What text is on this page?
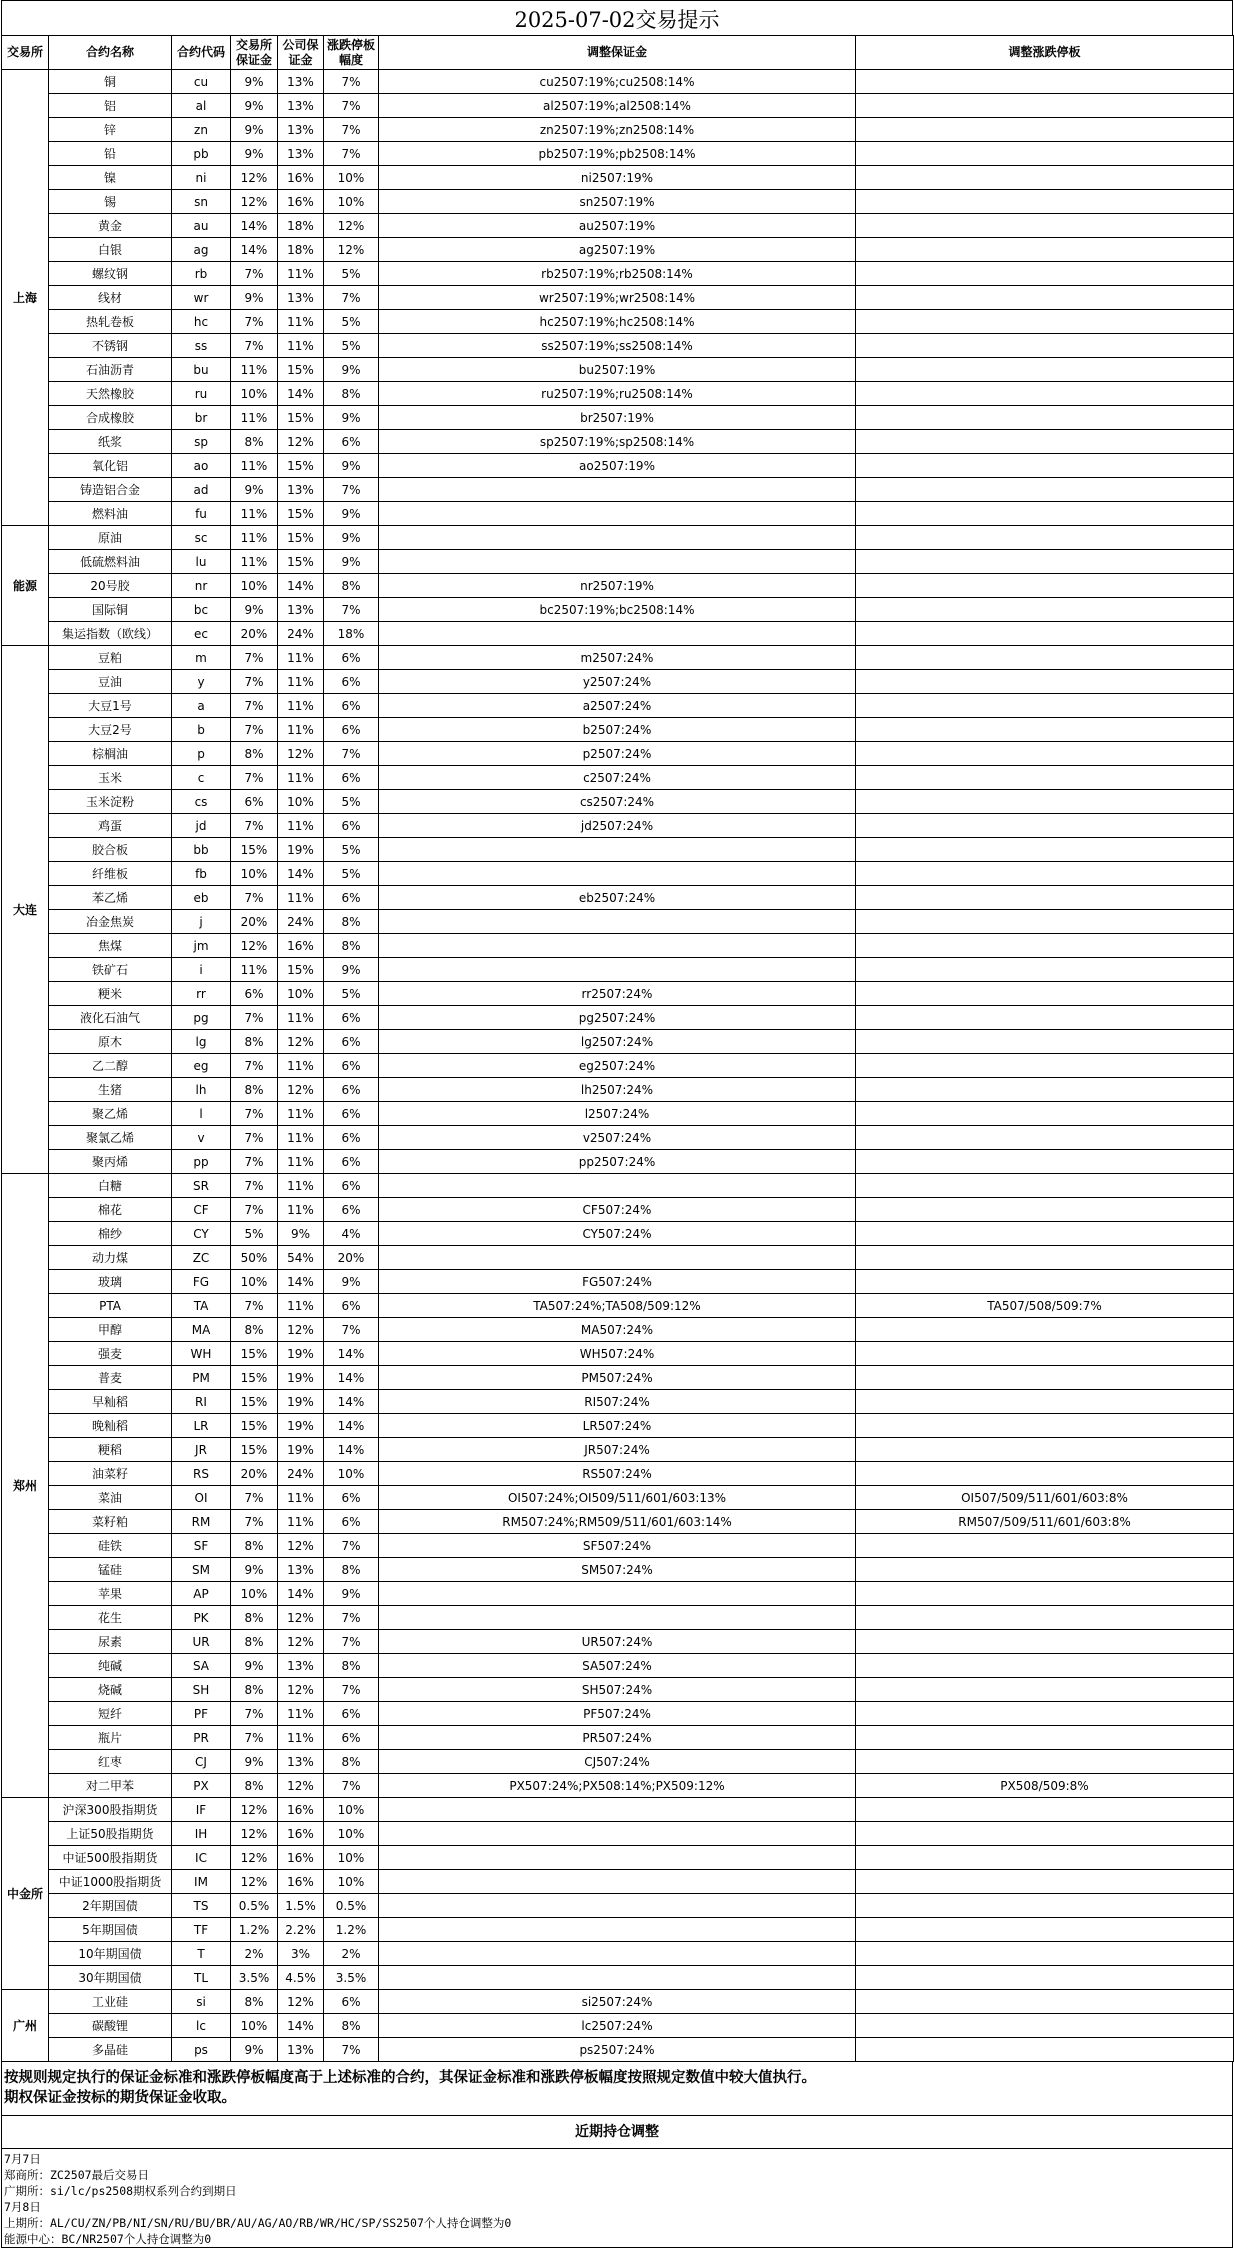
2025-07-02交易提示
交易所	合约名称	合约代码	交易所保证金	公司保证金	涨跌停板幅度	调整保证金	调整涨跌停板
上海	铜	cu	9%	13%	7%	cu2507:19%;cu2508:14%	
	铝	al	9%	13%	7%	al2507:19%;al2508:14%	
	锌	zn	9%	13%	7%	zn2507:19%;zn2508:14%	
	铅	pb	9%	13%	7%	pb2507:19%;pb2508:14%	
	镍	ni	12%	16%	10%	ni2507:19%	
	锡	sn	12%	16%	10%	sn2507:19%	
	黄金	au	14%	18%	12%	au2507:19%	
	白银	ag	14%	18%	12%	ag2507:19%	
	螺纹钢	rb	7%	11%	5%	rb2507:19%;rb2508:14%	
	线材	wr	9%	13%	7%	wr2507:19%;wr2508:14%	
	热轧卷板	hc	7%	11%	5%	hc2507:19%;hc2508:14%	
	不锈钢	ss	7%	11%	5%	ss2507:19%;ss2508:14%	
	石油沥青	bu	11%	15%	9%	bu2507:19%	
	天然橡胶	ru	10%	14%	8%	ru2507:19%;ru2508:14%	
	合成橡胶	br	11%	15%	9%	br2507:19%	
	纸浆	sp	8%	12%	6%	sp2507:19%;sp2508:14%	
	氧化铝	ao	11%	15%	9%	ao2507:19%	
	铸造铝合金	ad	9%	13%	7%		
	燃料油	fu	11%	15%	9%		
能源	原油	sc	11%	15%	9%		
	低硫燃料油	lu	11%	15%	9%		
	20号胶	nr	10%	14%	8%	nr2507:19%	
	国际铜	bc	9%	13%	7%	bc2507:19%;bc2508:14%	
	集运指数（欧线）	ec	20%	24%	18%		
大连	豆粕	m	7%	11%	6%	m2507:24%	
	豆油	y	7%	11%	6%	y2507:24%	
	大豆1号	a	7%	11%	6%	a2507:24%	
	大豆2号	b	7%	11%	6%	b2507:24%	
	棕榈油	p	8%	12%	7%	p2507:24%	
	玉米	c	7%	11%	6%	c2507:24%	
	玉米淀粉	cs	6%	10%	5%	cs2507:24%	
	鸡蛋	jd	7%	11%	6%	jd2507:24%	
	胶合板	bb	15%	19%	5%		
	纤维板	fb	10%	14%	5%		
	苯乙烯	eb	7%	11%	6%	eb2507:24%	
	冶金焦炭	j	20%	24%	8%		
	焦煤	jm	12%	16%	8%		
	铁矿石	i	11%	15%	9%		
	粳米	rr	6%	10%	5%	rr2507:24%	
	液化石油气	pg	7%	11%	6%	pg2507:24%	
	原木	lg	8%	12%	6%	lg2507:24%	
	乙二醇	eg	7%	11%	6%	eg2507:24%	
	生猪	lh	8%	12%	6%	lh2507:24%	
	聚乙烯	l	7%	11%	6%	l2507:24%	
	聚氯乙烯	v	7%	11%	6%	v2507:24%	
	聚丙烯	pp	7%	11%	6%	pp2507:24%	
郑州	白糖	SR	7%	11%	6%		
	棉花	CF	7%	11%	6%	CF507:24%	
	棉纱	CY	5%	9%	4%	CY507:24%	
	动力煤	ZC	50%	54%	20%		
	玻璃	FG	10%	14%	9%	FG507:24%	
	PTA	TA	7%	11%	6%	TA507:24%;TA508/509:12%	TA507/508/509:7%
	甲醇	MA	8%	12%	7%	MA507:24%	
	强麦	WH	15%	19%	14%	WH507:24%	
	普麦	PM	15%	19%	14%	PM507:24%	
	早籼稻	RI	15%	19%	14%	RI507:24%	
	晚籼稻	LR	15%	19%	14%	LR507:24%	
	粳稻	JR	15%	19%	14%	JR507:24%	
	油菜籽	RS	20%	24%	10%	RS507:24%	
	菜油	OI	7%	11%	6%	OI507:24%;OI509/511/601/603:13%	OI507/509/511/601/603:8%
	菜籽粕	RM	7%	11%	6%	RM507:24%;RM509/511/601/603:14%	RM507/509/511/601/603:8%
	硅铁	SF	8%	12%	7%	SF507:24%	
	锰硅	SM	9%	13%	8%	SM507:24%	
	苹果	AP	10%	14%	9%		
	花生	PK	8%	12%	7%		
	尿素	UR	8%	12%	7%	UR507:24%	
	纯碱	SA	9%	13%	8%	SA507:24%	
	烧碱	SH	8%	12%	7%	SH507:24%	
	短纤	PF	7%	11%	6%	PF507:24%	
	瓶片	PR	7%	11%	6%	PR507:24%	
	红枣	CJ	9%	13%	8%	CJ507:24%	
	对二甲苯	PX	8%	12%	7%	PX507:24%;PX508:14%;PX509:12%	PX508/509:8%
中金所	沪深300股指期货	IF	12%	16%	10%		
	上证50股指期货	IH	12%	16%	10%		
	中证500股指期货	IC	12%	16%	10%		
	中证1000股指期货	IM	12%	16%	10%		
	2年期国债	TS	0.5%	1.5%	0.5%		
	5年期国债	TF	1.2%	2.2%	1.2%		
	10年期国债	T	2%	3%	2%		
	30年期国债	TL	3.5%	4.5%	3.5%		
广州	工业硅	si	8%	12%	6%	si2507:24%	
	碳酸锂	lc	10%	14%	8%	lc2507:24%	
	多晶硅	ps	9%	13%	7%	ps2507:24%	
按规则规定执行的保证金标准和涨跌停板幅度高于上述标准的合约，其保证金标准和涨跌停板幅度按照规定数值中较大值执行。
期权保证金按标的期货保证金收取。
近期持仓调整
7月7日
郑商所：ZC2507最后交易日
广期所：si/lc/ps2508期权系列合约到期日
7月8日
上期所：AL/CU/ZN/PB/NI/SN/RU/BU/BR/AU/AG/AO/RB/WR/HC/SP/SS2507个人持仓调整为0
能源中心：BC/NR2507个人持仓调整为0
